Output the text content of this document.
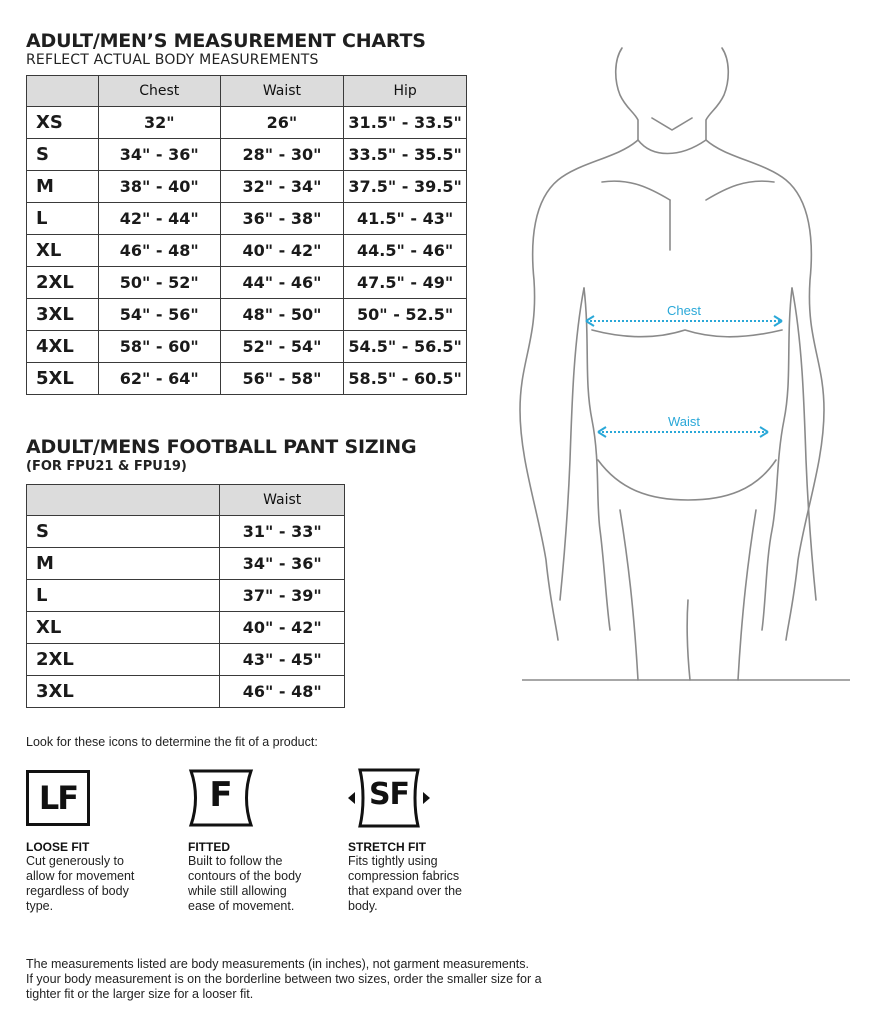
ADULT/MEN’S MEASUREMENT CHARTS
REFLECT ACTUAL BODY MEASUREMENTS
	Chest	Waist	Hip
XS	32"	26"	31.5" - 33.5"
S	34" - 36"	28" - 30"	33.5" - 35.5"
M	38" - 40"	32" - 34"	37.5" - 39.5"
L	42" - 44"	36" - 38"	41.5" - 43"
XL	46" - 48"	40" - 42"	44.5" - 46"
2XL	50" - 52"	44" - 46"	47.5" - 49"
3XL	54" - 56"	48" - 50"	50" - 52.5"
4XL	58" - 60"	52" - 54"	54.5" - 56.5"
5XL	62" - 64"	56" - 58"	58.5" - 60.5"
ADULT/MENS FOOTBALL PANT SIZING
(FOR FPU21 & FPU19)
	Waist
S	31" - 33"
M	34" - 36"
L	37" - 39"
XL	40" - 42"
2XL	43" - 45"
3XL	46" - 48"
Chest
Waist
Look for these icons to determine the fit of a product:
LF	F	SF
LOOSE FIT
Cut generously to
allow for movement
regardless of body
type.
FITTED
Built to follow the
contours of the body
while still allowing
ease of movement.
STRETCH FIT
Fits tightly using
compression fabrics
that expand over the
body.
The measurements listed are body measurements (in inches), not garment measurements.
If your body measurement is on the borderline between two sizes, order the smaller size for a
tighter fit or the larger size for a looser fit.
